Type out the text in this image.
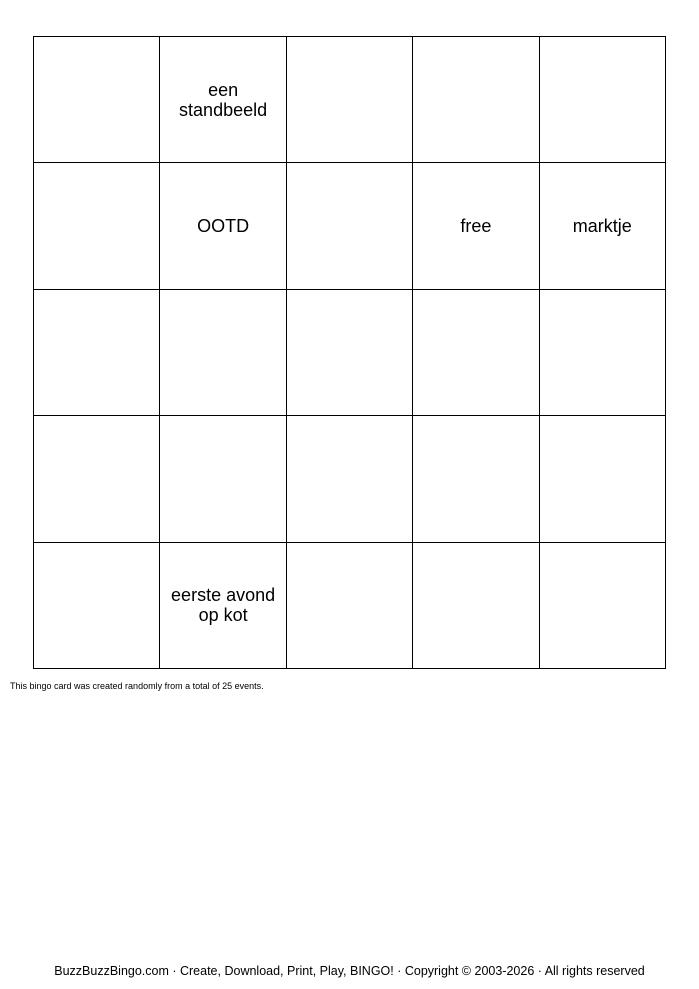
een standbeeld
OOTD	free	marktje
eerste avond op kot

This bingo card was created randomly from a total of 25 events.

BuzzBuzzBingo.com · Create, Download, Print, Play, BINGO! · Copyright © 2003-2026 · All rights reserved
